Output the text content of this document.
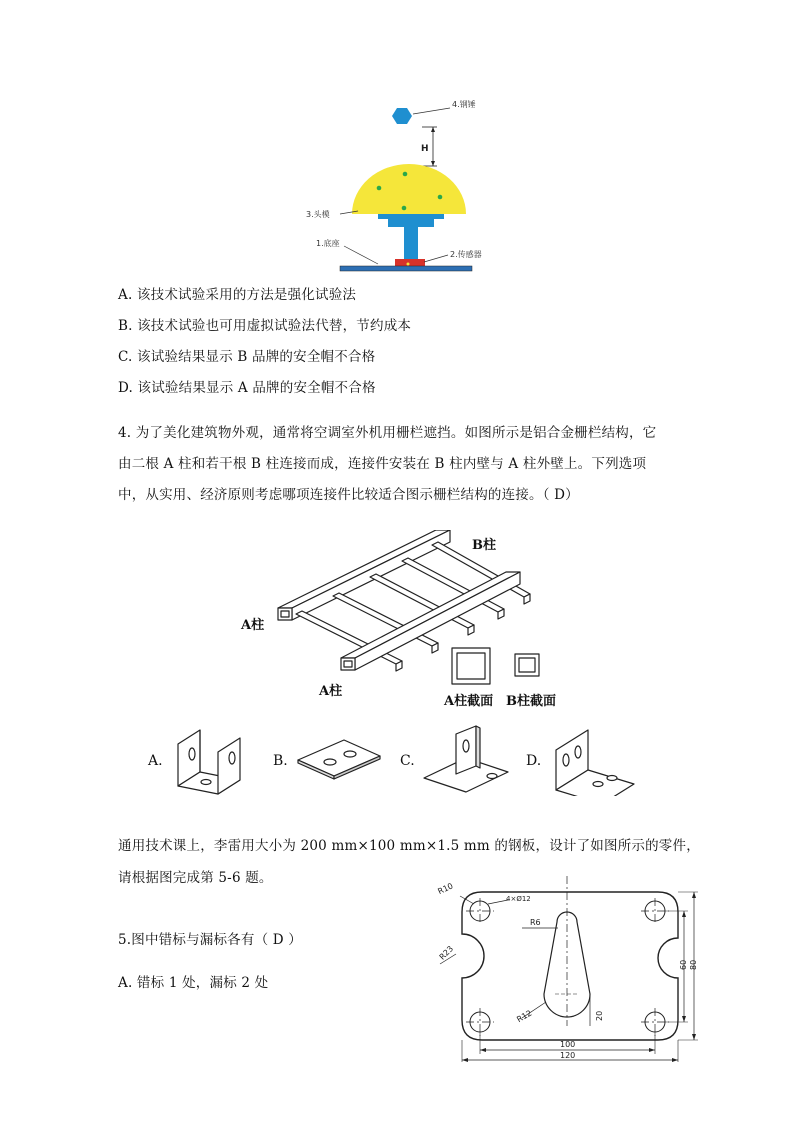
4.钢锤
H
3.头模
1.底座
2.传感器
A. 该技术试验采用的方法是强化试验法
B. 该技术试验也可用虚拟试验法代替，节约成本
C. 该试验结果显示 B 品牌的安全帽不合格
D. 该试验结果显示 A 品牌的安全帽不合格
4. 为了美化建筑物外观，通常将空调室外机用栅栏遮挡。如图所示是铝合金栅栏结构，它
由二根 A 柱和若干根 B 柱连接而成，连接件安装在 B 柱内壁与 A 柱外壁上。下列选项
中，从实用、经济原则考虑哪项连接件比较适合图示栅栏结构的连接。（ D）
B柱
A柱
A柱
A柱截面 B柱截面
A.	B.	C.	D.
通用技术课上，李雷用大小为 200 mm×100 mm×1.5 mm 的钢板，设计了如图所示的零件，
请根据图完成第 5-6 题。
5.图中错标与漏标各有（ D ）
A. 错标 1 处，漏标 2 处
R10
4×Ø12
R6
R23
R12	20
100
120
60 80
